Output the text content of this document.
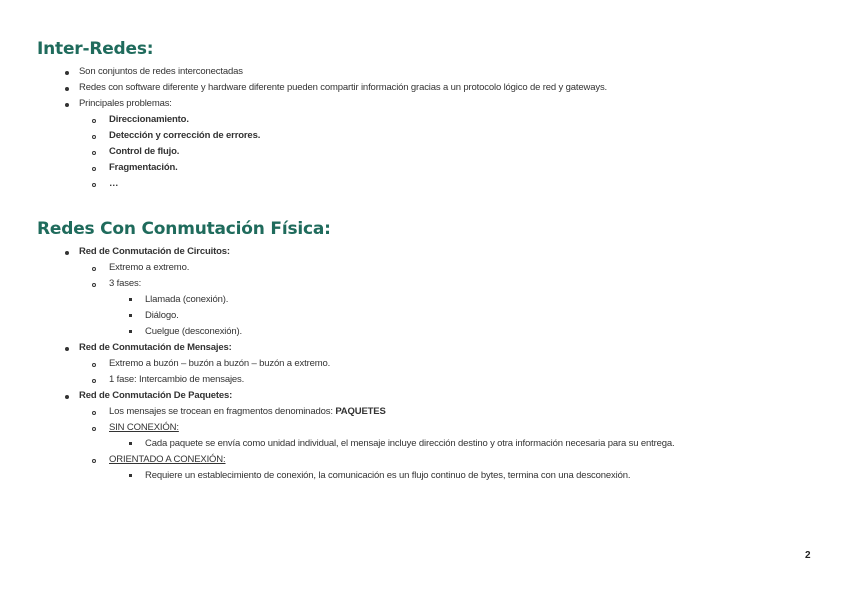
Inter-Redes:
Son conjuntos de redes interconectadas
Redes con software diferente y hardware diferente pueden compartir información gracias a un protocolo lógico de red y gateways.
Principales problemas:
Direccionamiento.
Detección y corrección de errores.
Control de flujo.
Fragmentación.
…
Redes Con Conmutación Física:
Red de Conmutación de Circuitos:
Extremo a extremo.
3 fases:
Llamada (conexión).
Diálogo.
Cuelgue (desconexión).
Red de Conmutación de Mensajes:
Extremo a buzón – buzón a buzón – buzón a extremo.
1 fase: Intercambio de mensajes.
Red de Conmutación De Paquetes:
Los mensajes se trocean en fragmentos denominados: PAQUETES
SIN CONEXIÓN:
Cada paquete se envía como unidad individual, el mensaje incluye dirección destino y otra información necesaria para su entrega.
ORIENTADO A CONEXIÓN:
Requiere un establecimiento de conexión, la comunicación es un flujo continuo de bytes, termina con una desconexión.
2
